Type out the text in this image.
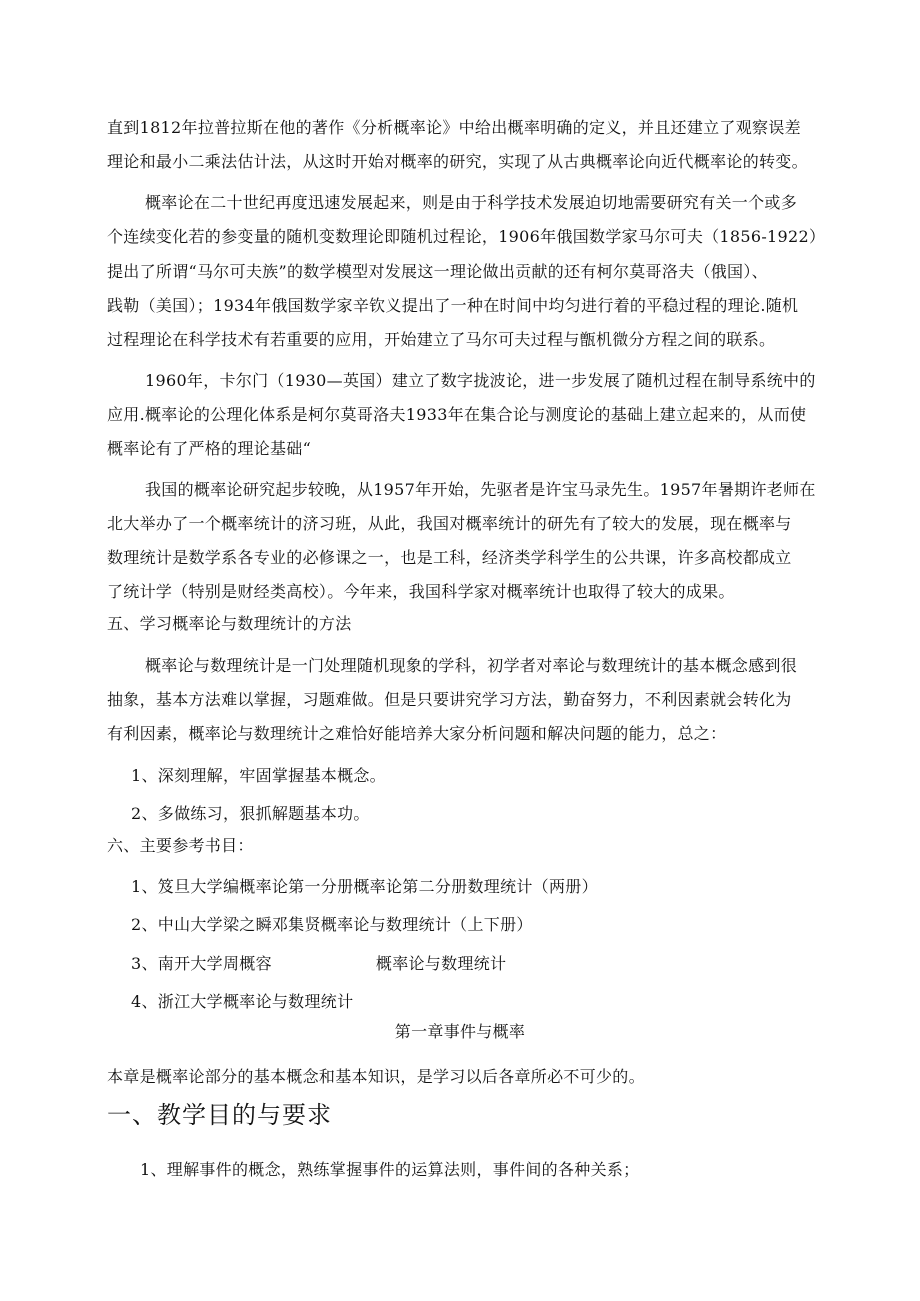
直到1812年拉普拉斯在他的著作《分析概率论》中给出概率明确的定义，并且还建立了观察误差
理论和最小二乘法估计法，从这时开始对概率的研究，实现了从古典概率论向近代概率论的转变。
概率论在二十世纪再度迅速发展起来，则是由于科学技术发展迫切地需要研究有关一个或多
个连续变化若的参变量的随机变数理论即随机过程论，1906年俄国数学家马尔可夫（1856-1922）
提出了所谓“马尔可夫族”的数学模型对发展这一理论做出贡献的还有柯尔莫哥洛夫（俄国）、
践勒（美国）；1934年俄国数学家辛钦义提出了一种在时间中均匀进行着的平稳过程的理论.随机
过程理论在科学技术有若重要的应用，开始建立了马尔可夫过程与甑机微分方程之间的联系。
1960年，卡尔门（1930—英国）建立了数字拢波论，进一步发展了随机过程在制导系统中的
应用.概率论的公理化体系是柯尔莫哥洛夫1933年在集合论与测度论的基础上建立起来的，从而使
概率论有了严格的理论基础“
我国的概率论研究起步较晚，从1957年开始，先驱者是许宝马录先生。1957年暑期许老师在
北大举办了一个概率统计的济习班，从此，我国对概率统计的研先有了较大的发展，现在概率与
数理统计是数学系各专业的必修课之一，也是工科，经济类学科学生的公共课，许多高校都成立
了统计学（特别是财经类高校）。今年来，我国科学家对概率统计也取得了较大的成果。
五、学习概率论与数理统计的方法
概率论与数理统计是一门处理随机现象的学科，初学者对率论与数理统计的基本概念感到很
抽象，基本方法难以掌握，习题难做。但是只要讲究学习方法，勤奋努力，不利因素就会转化为
有利因素，概率论与数理统计之难恰好能培养大家分析问题和解决问题的能力，总之：
1、深刻理解，牢固掌握基本概念。
2、多做练习，狠抓解题基本功。
六、主要参考书目：
1、笈旦大学编概率论第一分册概率论第二分册数理统计（两册）
2、中山大学梁之瞬邓集贤概率论与数理统计（上下册）
3、南开大学周概容	概率论与数理统计
4、浙江大学概率论与数理统计
第一章事件与概率
本章是概率论部分的基本概念和基本知识，是学习以后各章所必不可少的。
一、教学目的与要求
1、理解事件的概念，熟练掌握事件的运算法则，事件间的各种关系；
